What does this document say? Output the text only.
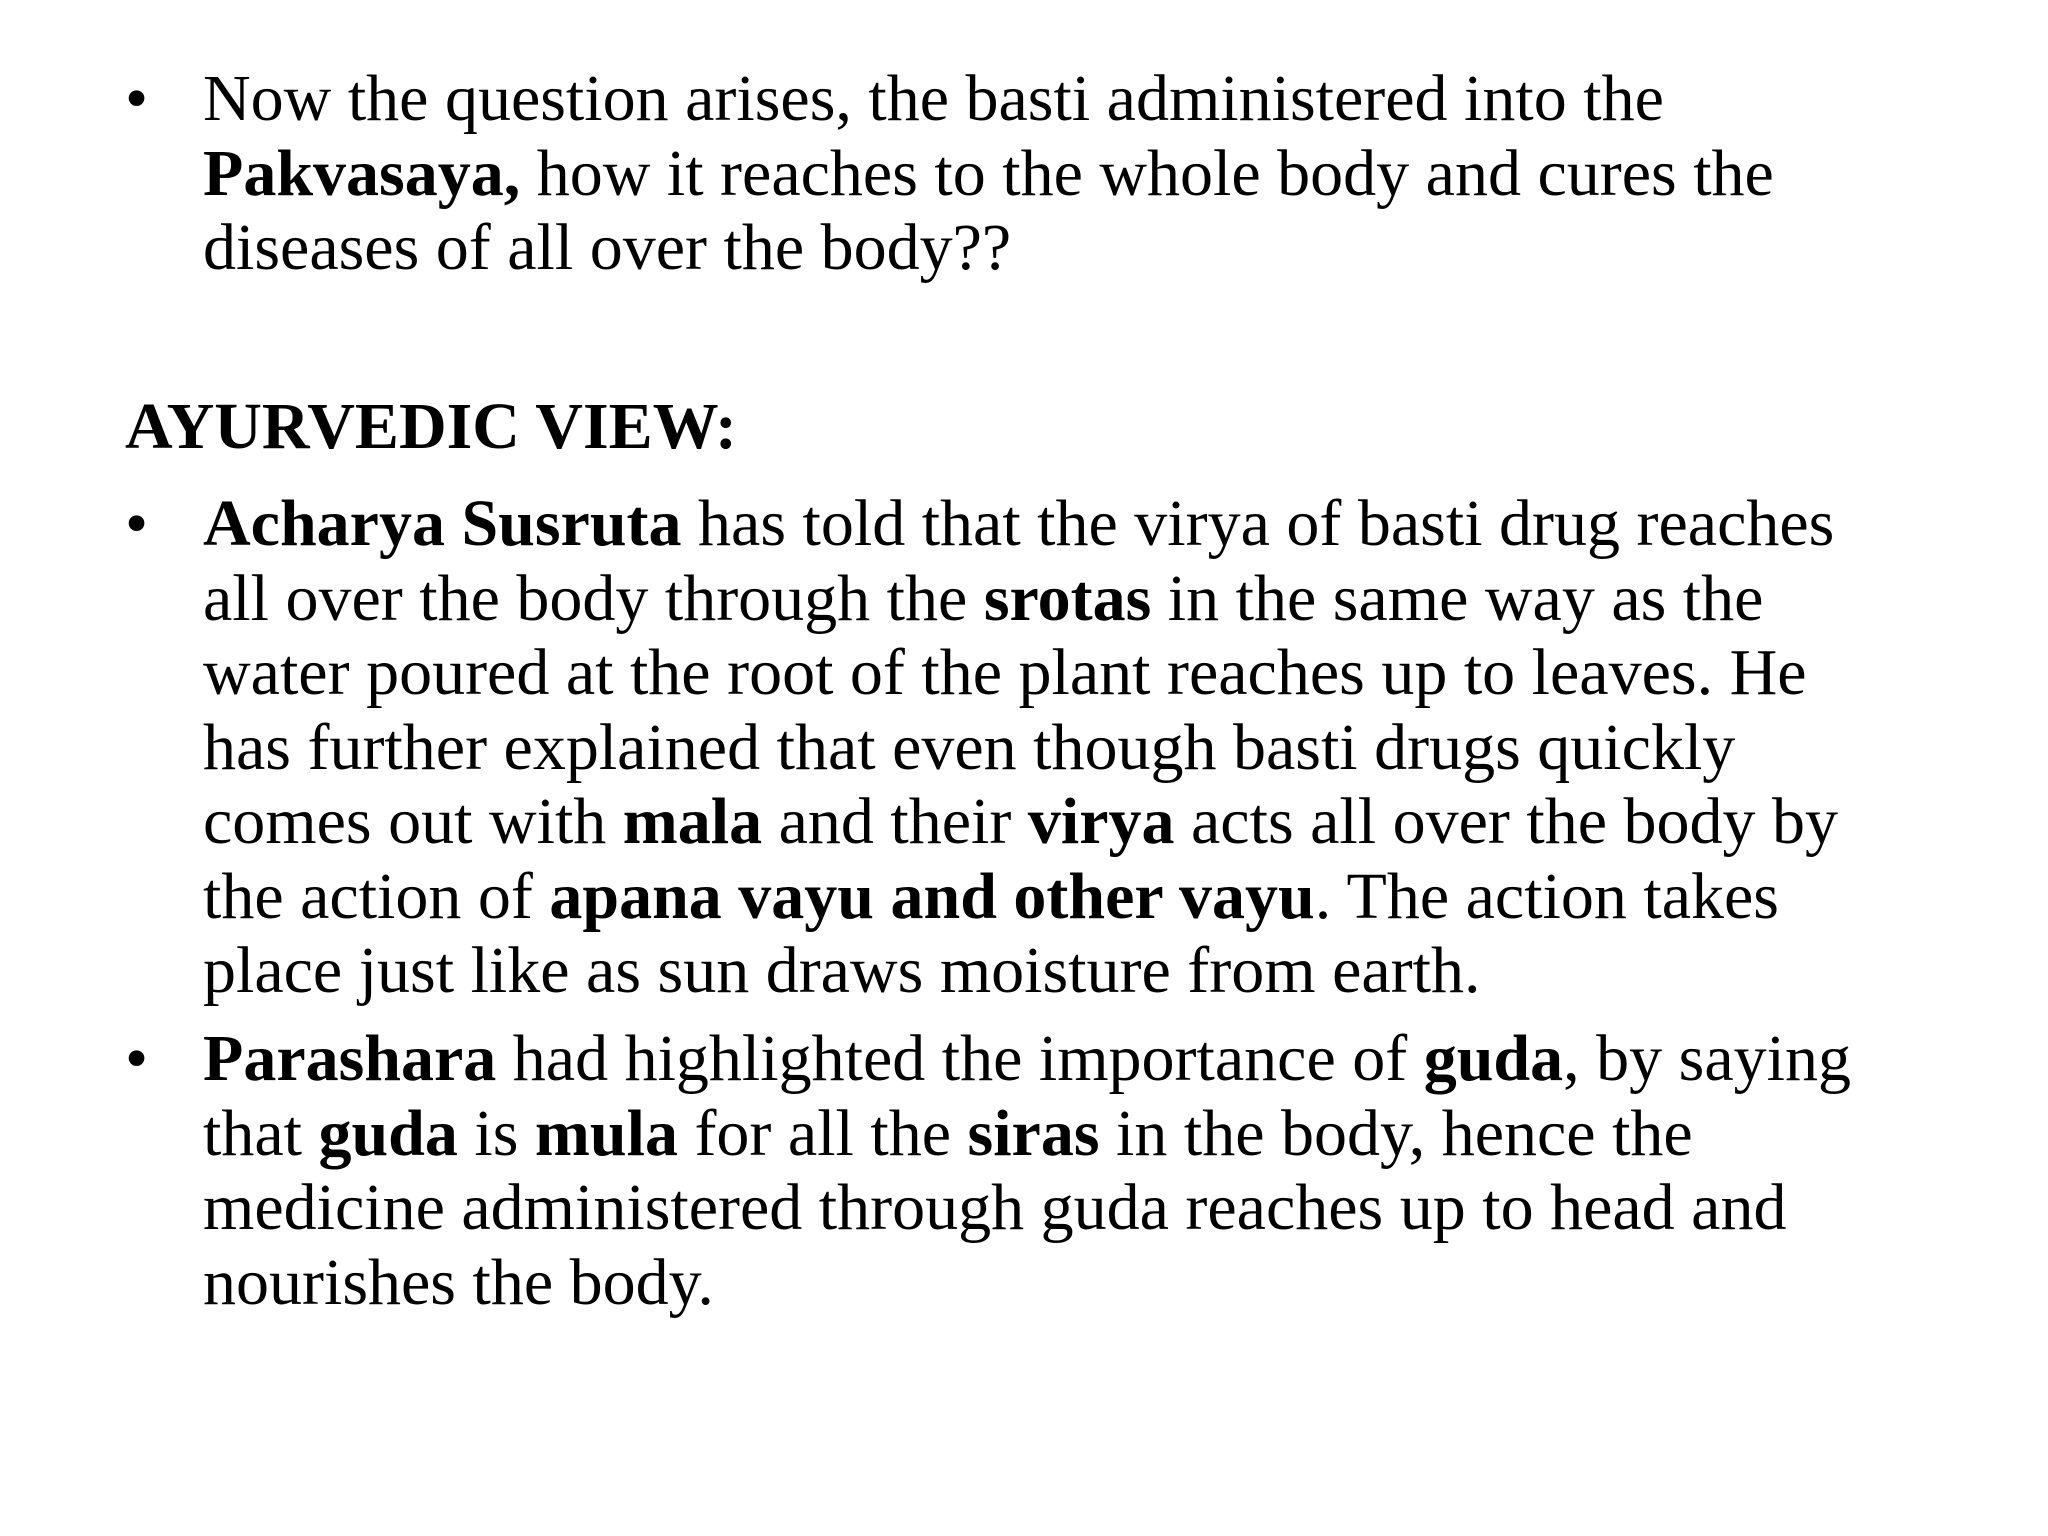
• Now the question arises, the basti administered into the
Pakvasaya, how it reaches to the whole body and cures the
diseases of all over the body??
AYURVEDIC VIEW:
• Acharya Susruta has told that the virya of basti drug reaches
all over the body through the srotas in the same way as the
water poured at the root of the plant reaches up to leaves. He
has further explained that even though basti drugs quickly
comes out with mala and their virya acts all over the body by
the action of apana vayu and other vayu. The action takes
place just like as sun draws moisture from earth.
• Parashara had highlighted the importance of guda, by saying
that guda is mula for all the siras in the body, hence the
medicine administered through guda reaches up to head and
nourishes the body.
